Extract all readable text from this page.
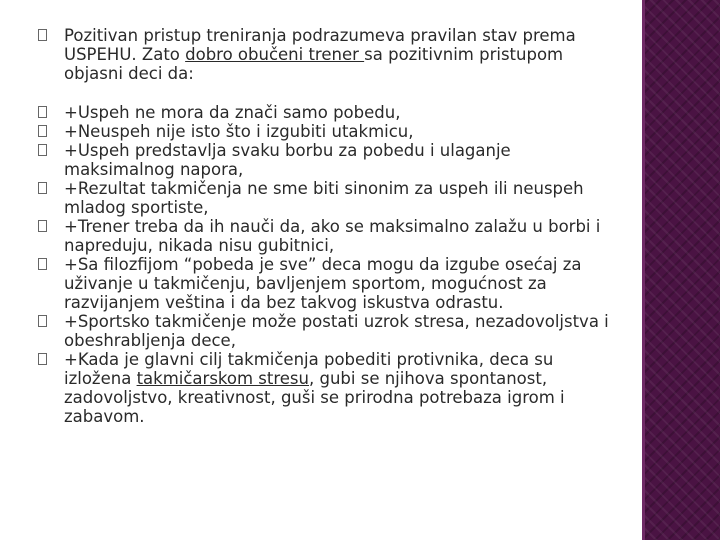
Pozitivan pristup treniranja podrazumeva pravilan stav prema USPEHU. Zato dobro obučeni trener sa pozitivnim pristupom objasni deci da:
+Uspeh ne mora da znači samo pobedu,
+Neuspeh nije isto što i izgubiti utakmicu,
+Uspeh predstavlja svaku borbu za pobedu i ulaganje maksimalnog napora,
+Rezultat takmičenja ne sme biti sinonim za uspeh ili neuspeh mladog sportiste,
+Trener treba da ih nauči da, ako se maksimalno zalažu u borbi i napreduju, nikada nisu gubitnici,
+Sa filozfijom “pobeda je sve” deca mogu da izgube osećaj za uživanje u takmičenju, bavljenjem sportom, mogućnost za razvijanjem veština i da bez takvog iskustva odrastu.
+Sportsko takmičenje može postati uzrok stresa, nezadovoljstva i obeshrabljenja dece,
+Kada je glavni cilj takmičenja pobediti protivnika, deca su izložena takmičarskom stresu, gubi se njihova spontanost, zadovoljstvo, kreativnost, guši se prirodna potrebaza igrom i zabavom.
